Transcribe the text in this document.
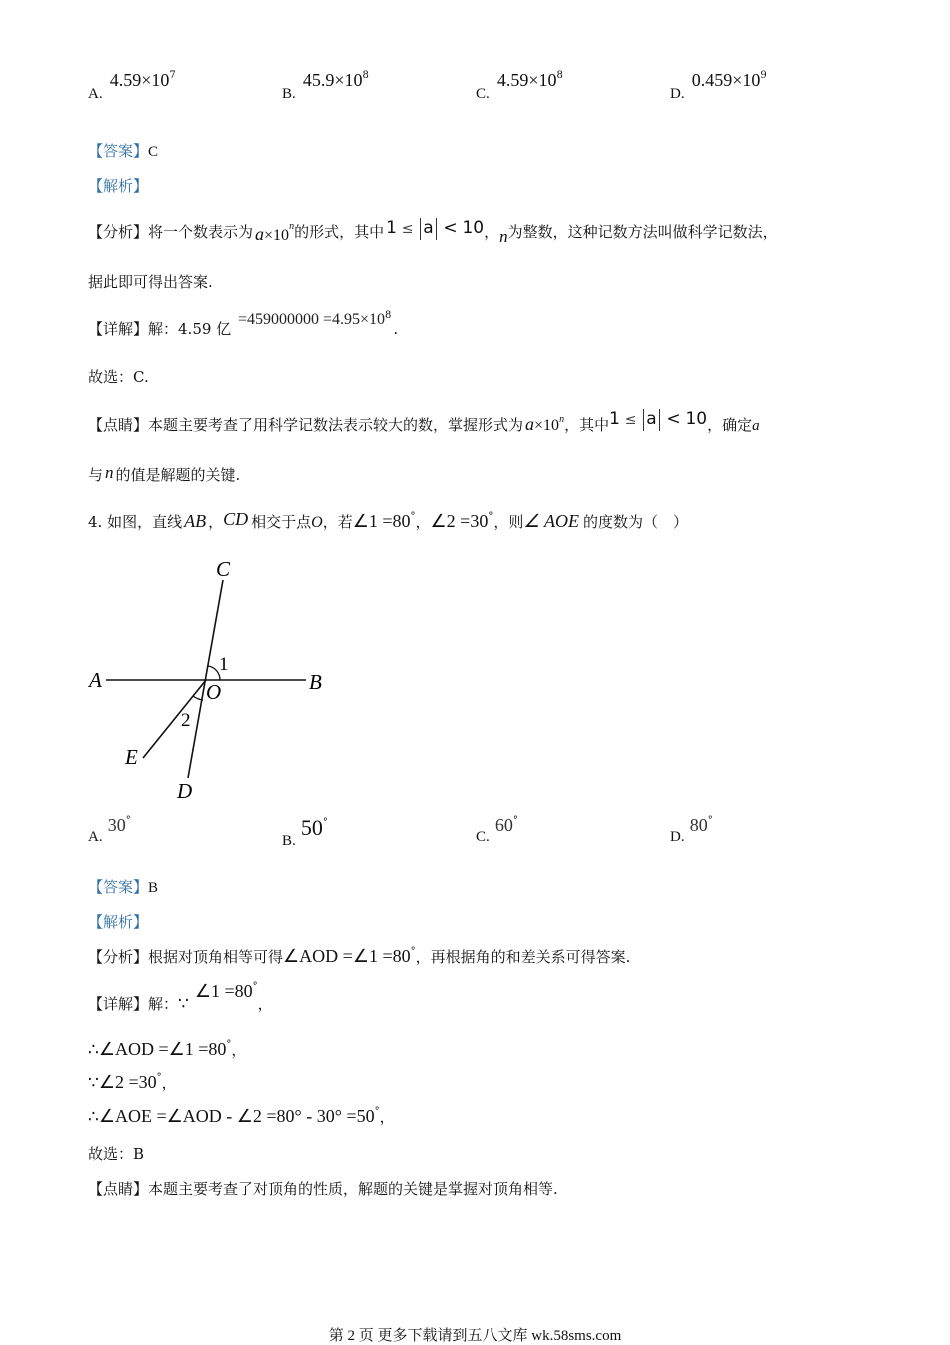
A. $4.59\times 10^7$
B. $45.9\times 10^8$
C. $4.59\times 10^8$
D. $0.459\times 10^9$
【答案】C
【解析】
【分析】将一个数表示为 $a\times 10^n$的形式，其中 1 ≤ a < 10，n为整数，这种记数方法叫做科学记数法，
据此即可得出答案.
【详解】解：4.59 亿 $=459000000 =4.95\times 10^8$.
故选：C.
【点睛】本题主要考查了用科学记数法表示较大的数，掌握形式为 $a\times 10^n$，其中1 ≤ a < 10，确定a
与 n 的值是解题的关键.
4. 如图，直线 AB ，CD 相交于点O，若∠1 =80°，∠2 =30°，则∠ AOE 的度数为（　）
C
A	O	B
E
D
1
2
A. 30°
B. 50°
C. 60°
D. 80°
【答案】B
【解析】
【分析】根据对顶角相等可得∠AOD =∠1 =80°，再根据角的和差关系可得答案.
【详解】解：∵∠1 =80°，
∴∠AOD =∠1 =80°，
∵∠2 =30°，
∴∠AOE =∠AOD - ∠2 =80° - 30° =50°，
故选：B
【点睛】本题主要考查了对顶角的性质，解题的关键是掌握对顶角相等.
第 2 页 更多下载请到五八文库 wk.58sms.com
